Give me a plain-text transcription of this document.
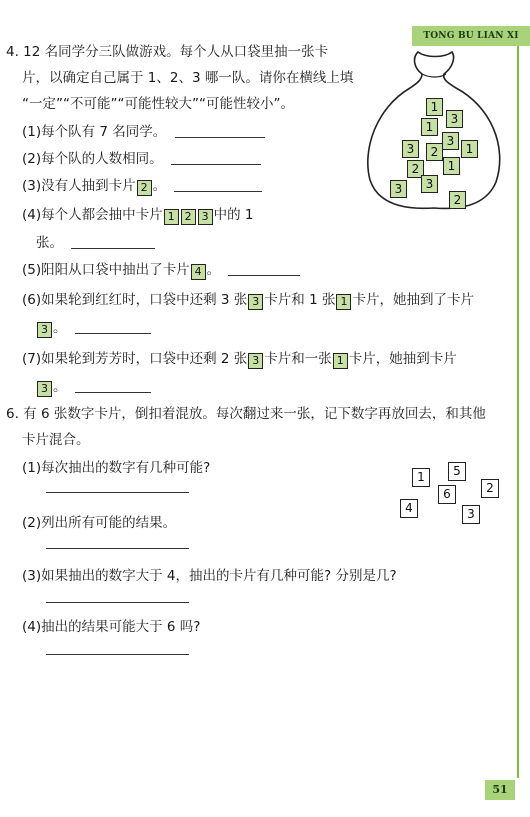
TONG BU LIAN XI
4. 12 名同学分三队做游戏。每个人从口袋里抽一张卡
片，以确定自己属于 1、2、3 哪一队。请你在横线上填
“一定”“不可能”“可能性较大”“可能性较小”。
(1)每个队有 7 名同学。
(2)每个队的人数相同。
(3)没有人抽到卡片 2 。
(4)每个人都会抽中卡片 1 2 3 中的 1
张。
(5)阳阳从口袋中抽出了卡片 4 。
(6)如果轮到红红时，口袋中还剩 3 张 3 卡片和 1 张 1 卡片，她抽到了卡片
3 。
(7)如果轮到芳芳时，口袋中还剩 2 张 3 卡片和一张 1 卡片，她抽到卡片
3 。
1
3
1
3
3
2	1
2	1
3	3
2
6. 有 6 张数字卡片，倒扣着混放。每次翻过来一张，记下数字再放回去，和其他
卡片混合。
(1)每次抽出的数字有几种可能?
(2)列出所有可能的结果。
(3)如果抽出的数字大于 4，抽出的卡片有几种可能? 分别是几?
(4)抽出的结果可能大于 6 吗?
1	5
6	2
4	3
51
